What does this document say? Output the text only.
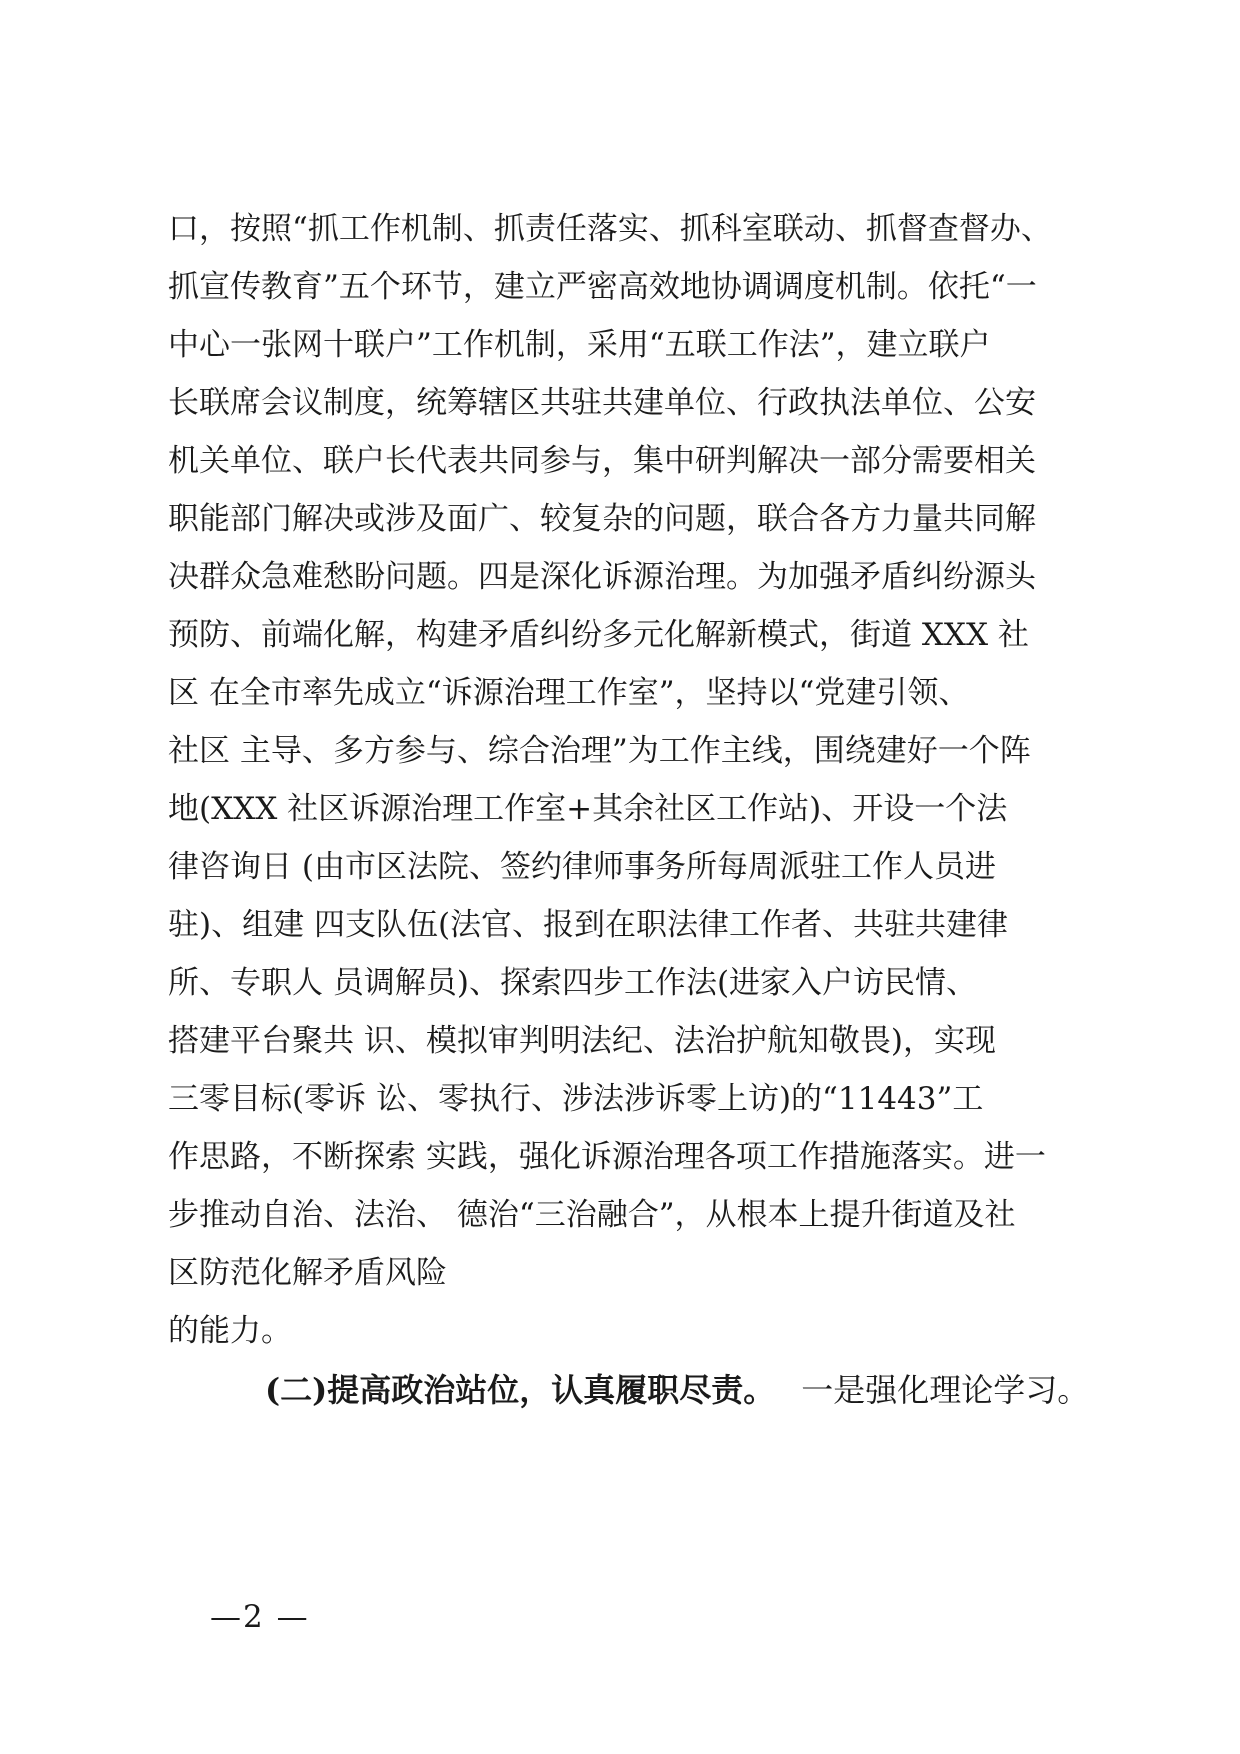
口，按照“抓工作机制、抓责任落实、抓科室联动、抓督查督办、
抓宣传教育”五个环节，建立严密高效地协调调度机制。依托“一
中心一张网十联户”工作机制，采用“五联工作法”，建立联户
长联席会议制度，统筹辖区共驻共建单位、行政执法单位、公安
机关单位、联户长代表共同参与，集中研判解决一部分需要相关
职能部门解决或涉及面广、较复杂的问题，联合各方力量共同解
决群众急难愁盼问题。四是深化诉源治理。为加强矛盾纠纷源头
预防、前端化解，构建矛盾纠纷多元化解新模式，街道 XXX 社
区 在全市率先成立“诉源治理工作室”，坚持以“党建引领、
社区 主导、多方参与、综合治理”为工作主线，围绕建好一个阵
地(XXX 社区诉源治理工作室+其余社区工作站)、开设一个法
律咨询日 (由市区法院、签约律师事务所每周派驻工作人员进
驻)、组建 四支队伍(法官、报到在职法律工作者、共驻共建律
所、专职人 员调解员)、探索四步工作法(进家入户访民情、
搭建平台聚共 识、模拟审判明法纪、法治护航知敬畏)，实现
三零目标(零诉 讼、零执行、涉法涉诉零上访)的“11443”工
作思路，不断探索 实践，强化诉源治理各项工作措施落实。进一
步推动自治、法治、 德治“三治融合”，从根本上提升街道及社
区防范化解矛盾风险
的能力。
(二)提高政治站位，认真履职尽责。 一是强化理论学习。
—2 —
